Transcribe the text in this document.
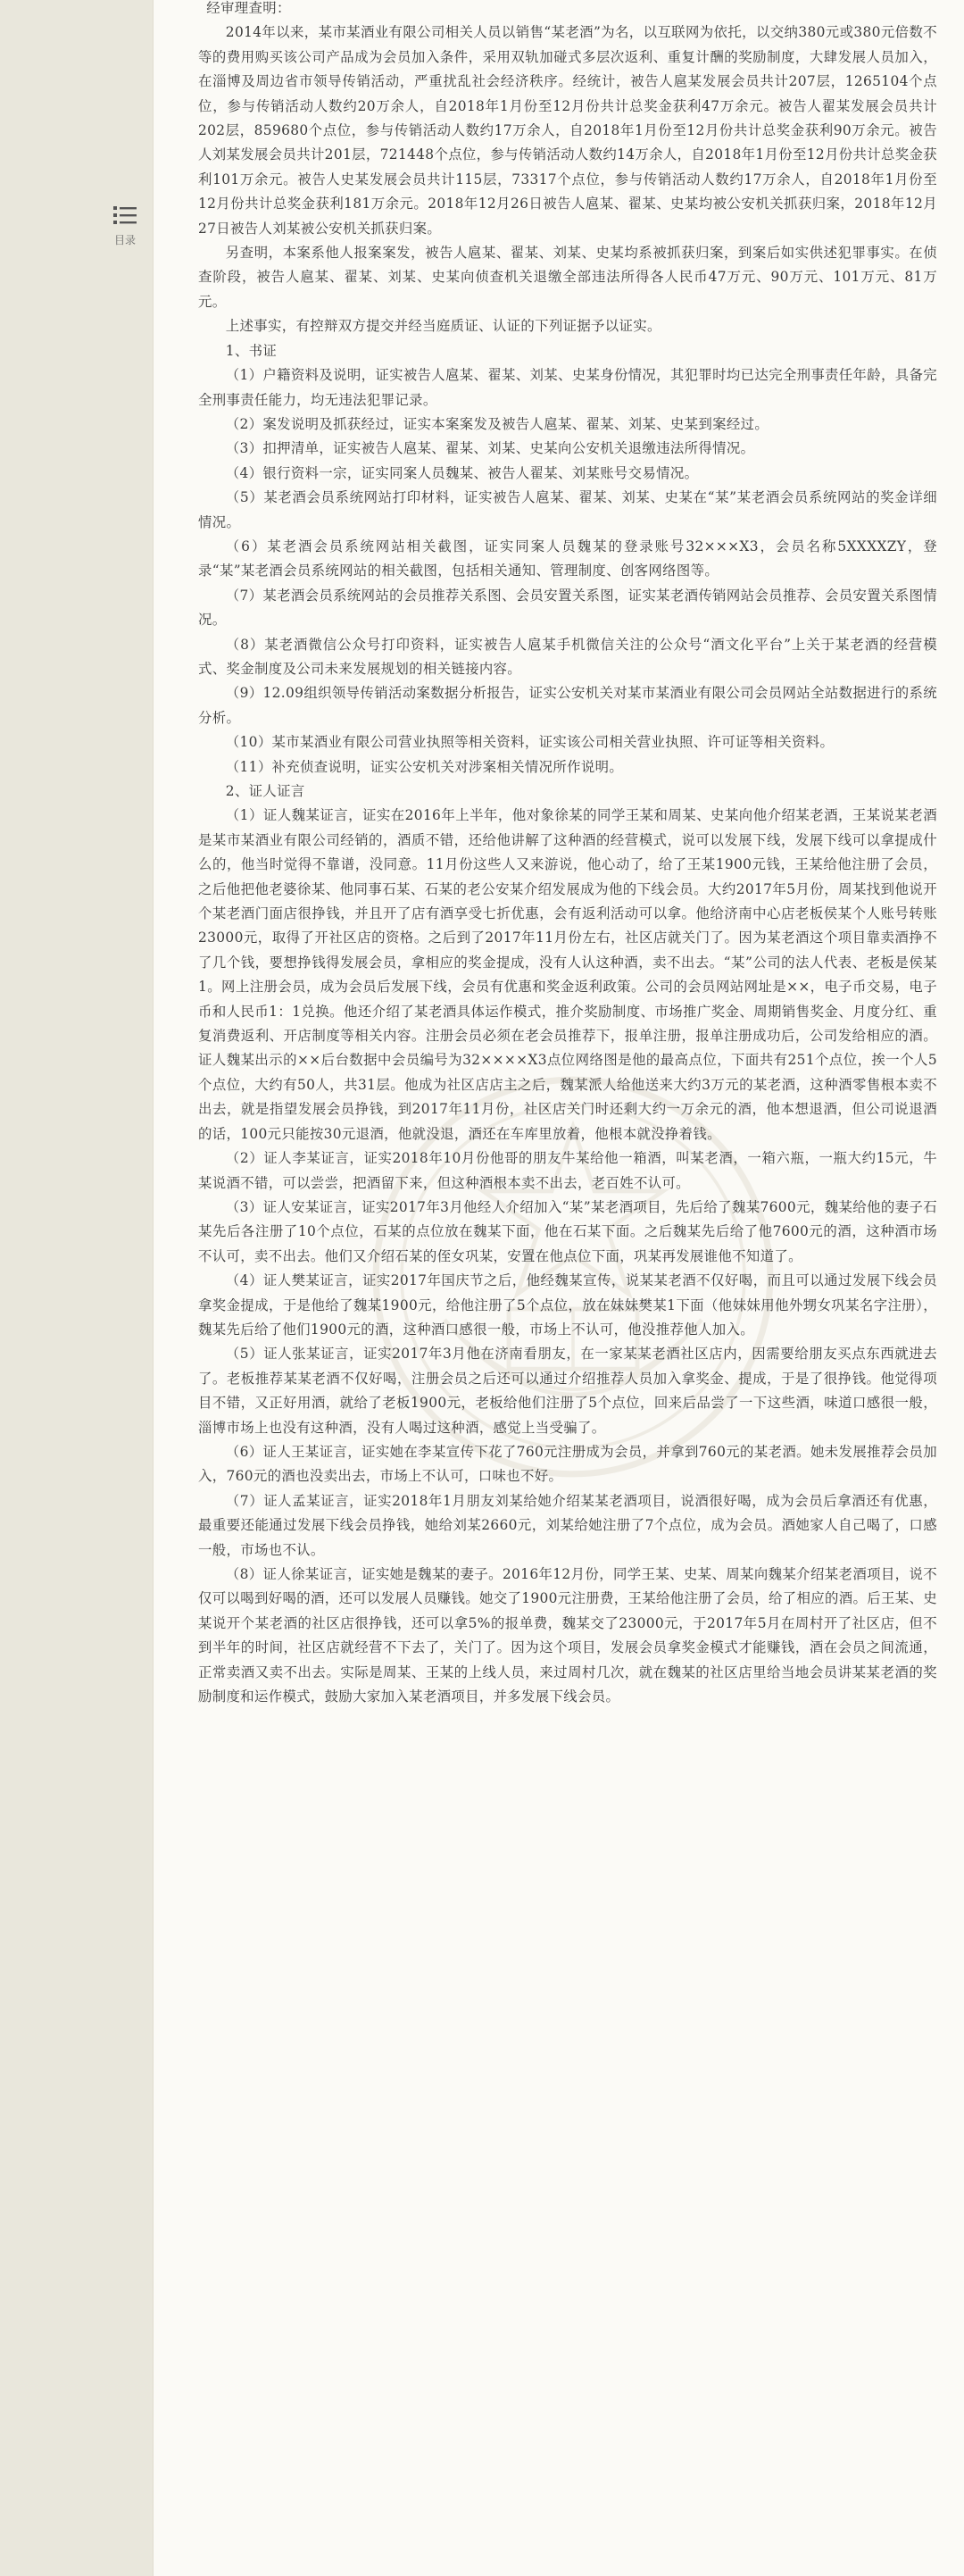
目录

经审理查明：

2014年以来，某市某酒业有限公司相关人员以销售“某老酒”为名，以互联网为依托，以交纳380元或380元倍数不等的费用购买该公司产品成为会员加入条件，采用双轨加碰式多层次返利、重复计酬的奖励制度，大肆发展人员加入，在淄博及周边省市领导传销活动，严重扰乱社会经济秩序。经统计，被告人扈某发展会员共计207层，1265104个点位，参与传销活动人数约20万余人，自2018年1月份至12月份共计总奖金获利47万余元。被告人翟某发展会员共计202层，859680个点位，参与传销活动人数约17万余人，自2018年1月份至12月份共计总奖金获利90万余元。被告人刘某发展会员共计201层，721448个点位，参与传销活动人数约14万余人，自2018年1月份至12月份共计总奖金获利101万余元。被告人史某发展会员共计115层，73317个点位，参与传销活动人数约17万余人，自2018年1月份至12月份共计总奖金获利181万余元。2018年12月26日被告人扈某、翟某、史某均被公安机关抓获归案，2018年12月27日被告人刘某被公安机关抓获归案。

另查明，本案系他人报案案发，被告人扈某、翟某、刘某、史某均系被抓获归案，到案后如实供述犯罪事实。在侦查阶段，被告人扈某、翟某、刘某、史某向侦查机关退缴全部违法所得各人民币47万元、90万元、101万元、81万元。

上述事实，有控辩双方提交并经当庭质证、认证的下列证据予以证实。

1、书证

（1）户籍资料及说明，证实被告人扈某、翟某、刘某、史某身份情况，其犯罪时均已达完全刑事责任年龄，具备完全刑事责任能力，均无违法犯罪记录。

（2）案发说明及抓获经过，证实本案案发及被告人扈某、翟某、刘某、史某到案经过。

（3）扣押清单，证实被告人扈某、翟某、刘某、史某向公安机关退缴违法所得情况。

（4）银行资料一宗，证实同案人员魏某、被告人翟某、刘某账号交易情况。

（5）某老酒会员系统网站打印材料，证实被告人扈某、翟某、刘某、史某在“某”某老酒会员系统网站的奖金详细情况。

（6）某老酒会员系统网站相关截图，证实同案人员魏某的登录账号32×××X3，会员名称5XXXXZY，登录“某”某老酒会员系统网站的相关截图，包括相关通知、管理制度、创客网络图等。

（7）某老酒会员系统网站的会员推荐关系图、会员安置关系图，证实某老酒传销网站会员推荐、会员安置关系图情况。

（8）某老酒微信公众号打印资料，证实被告人扈某手机微信关注的公众号“酒文化平台”上关于某老酒的经营模式、奖金制度及公司未来发展规划的相关链接内容。

（9）12.09组织领导传销活动案数据分析报告，证实公安机关对某市某酒业有限公司会员网站全站数据进行的系统分析。

（10）某市某酒业有限公司营业执照等相关资料，证实该公司相关营业执照、许可证等相关资料。

（11）补充侦查说明，证实公安机关对涉案相关情况所作说明。

2、证人证言

（1）证人魏某证言，证实在2016年上半年，他对象徐某的同学王某和周某、史某向他介绍某老酒，王某说某老酒是某市某酒业有限公司经销的，酒质不错，还给他讲解了这种酒的经营模式，说可以发展下线，发展下线可以拿提成什么的，他当时觉得不靠谱，没同意。11月份这些人又来游说，他心动了，给了王某1900元钱，王某给他注册了会员，之后他把他老婆徐某、他同事石某、石某的老公安某介绍发展成为他的下线会员。大约2017年5月份，周某找到他说开个某老酒门面店很挣钱，并且开了店有酒享受七折优惠，会有返利活动可以拿。他给济南中心店老板侯某个人账号转账23000元，取得了开社区店的资格。之后到了2017年11月份左右，社区店就关门了。因为某老酒这个项目靠卖酒挣不了几个钱，要想挣钱得发展会员，拿相应的奖金提成，没有人认这种酒，卖不出去。“某”公司的法人代表、老板是侯某1。网上注册会员，成为会员后发展下线，会员有优惠和奖金返利政策。公司的会员网站网址是××，电子币交易，电子币和人民币1：1兑换。他还介绍了某老酒具体运作模式，推介奖励制度、市场推广奖金、周期销售奖金、月度分红、重复消费返利、开店制度等相关内容。注册会员必须在老会员推荐下，报单注册，报单注册成功后，公司发给相应的酒。证人魏某出示的××后台数据中会员编号为32××××X3点位网络图是他的最高点位，下面共有251个点位，挨一个人5个点位，大约有50人，共31层。他成为社区店店主之后，魏某派人给他送来大约3万元的某老酒，这种酒零售根本卖不出去，就是指望发展会员挣钱，到2017年11月份，社区店关门时还剩大约一万余元的酒，他本想退酒，但公司说退酒的话，100元只能按30元退酒，他就没退，酒还在车库里放着，他根本就没挣着钱。

（2）证人李某证言，证实2018年10月份他哥的朋友牛某给他一箱酒，叫某老酒，一箱六瓶，一瓶大约15元，牛某说酒不错，可以尝尝，把酒留下来，但这种酒根本卖不出去，老百姓不认可。

（3）证人安某证言，证实2017年3月他经人介绍加入“某”某老酒项目，先后给了魏某7600元，魏某给他的妻子石某先后各注册了10个点位，石某的点位放在魏某下面，他在石某下面。之后魏某先后给了他7600元的酒，这种酒市场不认可，卖不出去。他们又介绍石某的侄女巩某，安置在他点位下面，巩某再发展谁他不知道了。

（4）证人樊某证言，证实2017年国庆节之后，他经魏某宣传，说某某老酒不仅好喝，而且可以通过发展下线会员拿奖金提成，于是他给了魏某1900元，给他注册了5个点位，放在妹妹樊某1下面（他妹妹用他外甥女巩某名字注册），魏某先后给了他们1900元的酒，这种酒口感很一般，市场上不认可，他没推荐他人加入。

（5）证人张某证言，证实2017年3月他在济南看朋友，在一家某某老酒社区店内，因需要给朋友买点东西就进去了。老板推荐某某老酒不仅好喝，注册会员之后还可以通过介绍推荐人员加入拿奖金、提成，于是了很挣钱。他觉得项目不错，又正好用酒，就给了老板1900元，老板给他们注册了5个点位，回来后品尝了一下这些酒，味道口感很一般，淄博市场上也没有这种酒，没有人喝过这种酒，感觉上当受骗了。

（6）证人王某证言，证实她在李某宣传下花了760元注册成为会员，并拿到760元的某老酒。她未发展推荐会员加入，760元的酒也没卖出去，市场上不认可，口味也不好。

（7）证人孟某证言，证实2018年1月朋友刘某给她介绍某某老酒项目，说酒很好喝，成为会员后拿酒还有优惠，最重要还能通过发展下线会员挣钱，她给刘某2660元，刘某给她注册了7个点位，成为会员。酒她家人自己喝了，口感一般，市场也不认。

（8）证人徐某证言，证实她是魏某的妻子。2016年12月份，同学王某、史某、周某向魏某介绍某老酒项目，说不仅可以喝到好喝的酒，还可以发展人员赚钱。她交了1900元注册费，王某给他注册了会员，给了相应的酒。后王某、史某说开个某老酒的社区店很挣钱，还可以拿5%的报单费，魏某交了23000元，于2017年5月在周村开了社区店，但不到半年的时间，社区店就经营不下去了，关门了。因为这个项目，发展会员拿奖金模式才能赚钱，酒在会员之间流通，正常卖酒又卖不出去。实际是周某、王某的上线人员，来过周村几次，就在魏某的社区店里给当地会员讲某某老酒的奖励制度和运作模式，鼓励大家加入某老酒项目，并多发展下线会员。
